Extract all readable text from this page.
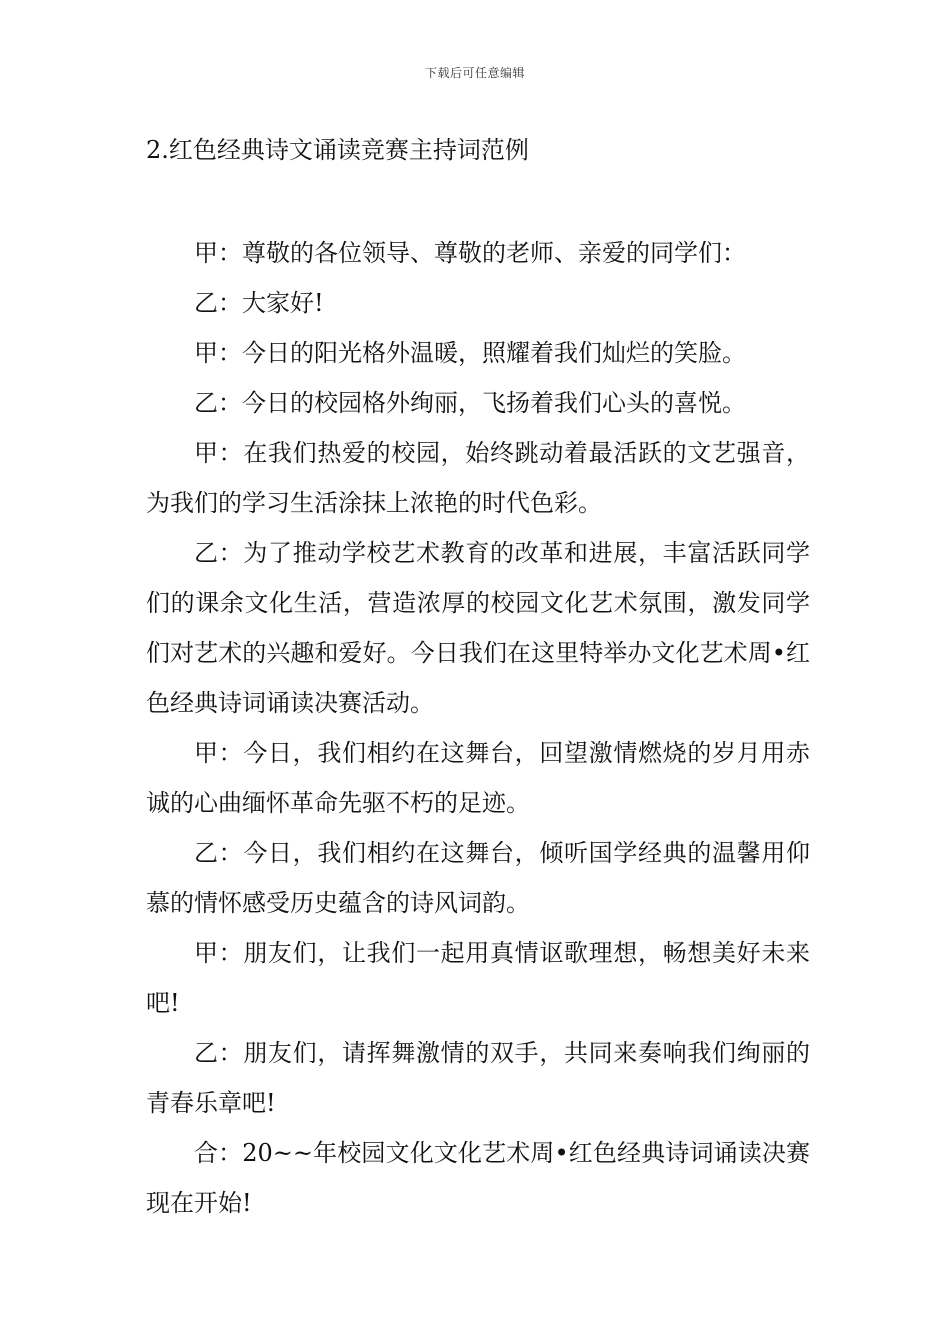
下载后可任意编辑
2.红色经典诗文诵读竞赛主持词范例

甲：尊敬的各位领导、尊敬的老师、亲爱的同学们：

乙：大家好!

甲：今日的阳光格外温暖，照耀着我们灿烂的笑脸。

乙：今日的校园格外绚丽，飞扬着我们心头的喜悦。

甲：在我们热爱的校园，始终跳动着最活跃的文艺强音，为我们的学习生活涂抹上浓艳的时代色彩。

乙：为了推动学校艺术教育的改革和进展，丰富活跃同学们的课余文化生活，营造浓厚的校园文化艺术氛围，激发同学们对艺术的兴趣和爱好。今日我们在这里特举办文化艺术周•红色经典诗词诵读决赛活动。

甲：今日，我们相约在这舞台，回望激情燃烧的岁月用赤诚的心曲缅怀革命先驱不朽的足迹。

乙：今日，我们相约在这舞台，倾听国学经典的温馨用仰慕的情怀感受历史蕴含的诗风词韵。

甲：朋友们，让我们一起用真情讴歌理想，畅想美好未来吧!

乙：朋友们，请挥舞激情的双手，共同来奏响我们绚丽的青春乐章吧!

合：20~~年校园文化文化艺术周•红色经典诗词诵读决赛现在开始!
